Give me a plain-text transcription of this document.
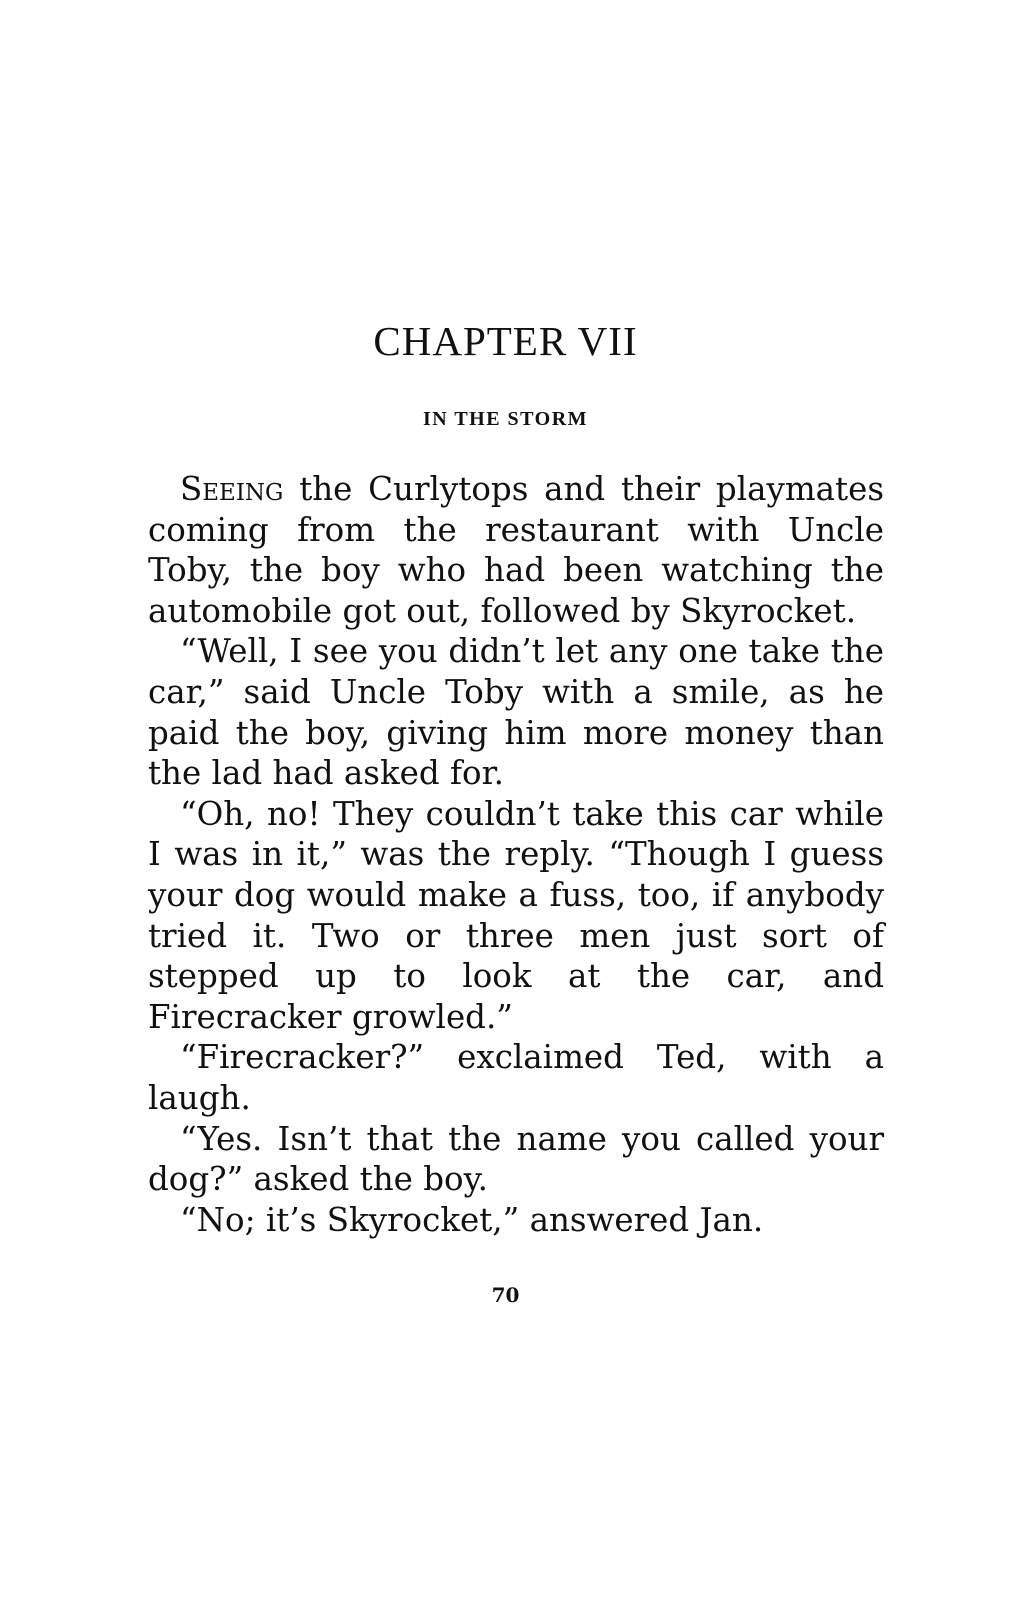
CHAPTER VII
IN THE STORM

Seeing the Curlytops and their playmates coming from the restaurant with Uncle Toby, the boy who had been watching the automobile got out, followed by Skyrocket.

“Well, I see you didn’t let any one take the car,” said Uncle Toby with a smile, as he paid the boy, giving him more money than the lad had asked for.

“Oh, no! They couldn’t take this car while I was in it,” was the reply. “Though I guess your dog would make a fuss, too, if anybody tried it. Two or three men just sort of stepped up to look at the car, and Firecracker growled.”

“Firecracker?” exclaimed Ted, with a laugh.

“Yes. Isn’t that the name you called your dog?” asked the boy.

“No; it’s Skyrocket,” answered Jan.

70
